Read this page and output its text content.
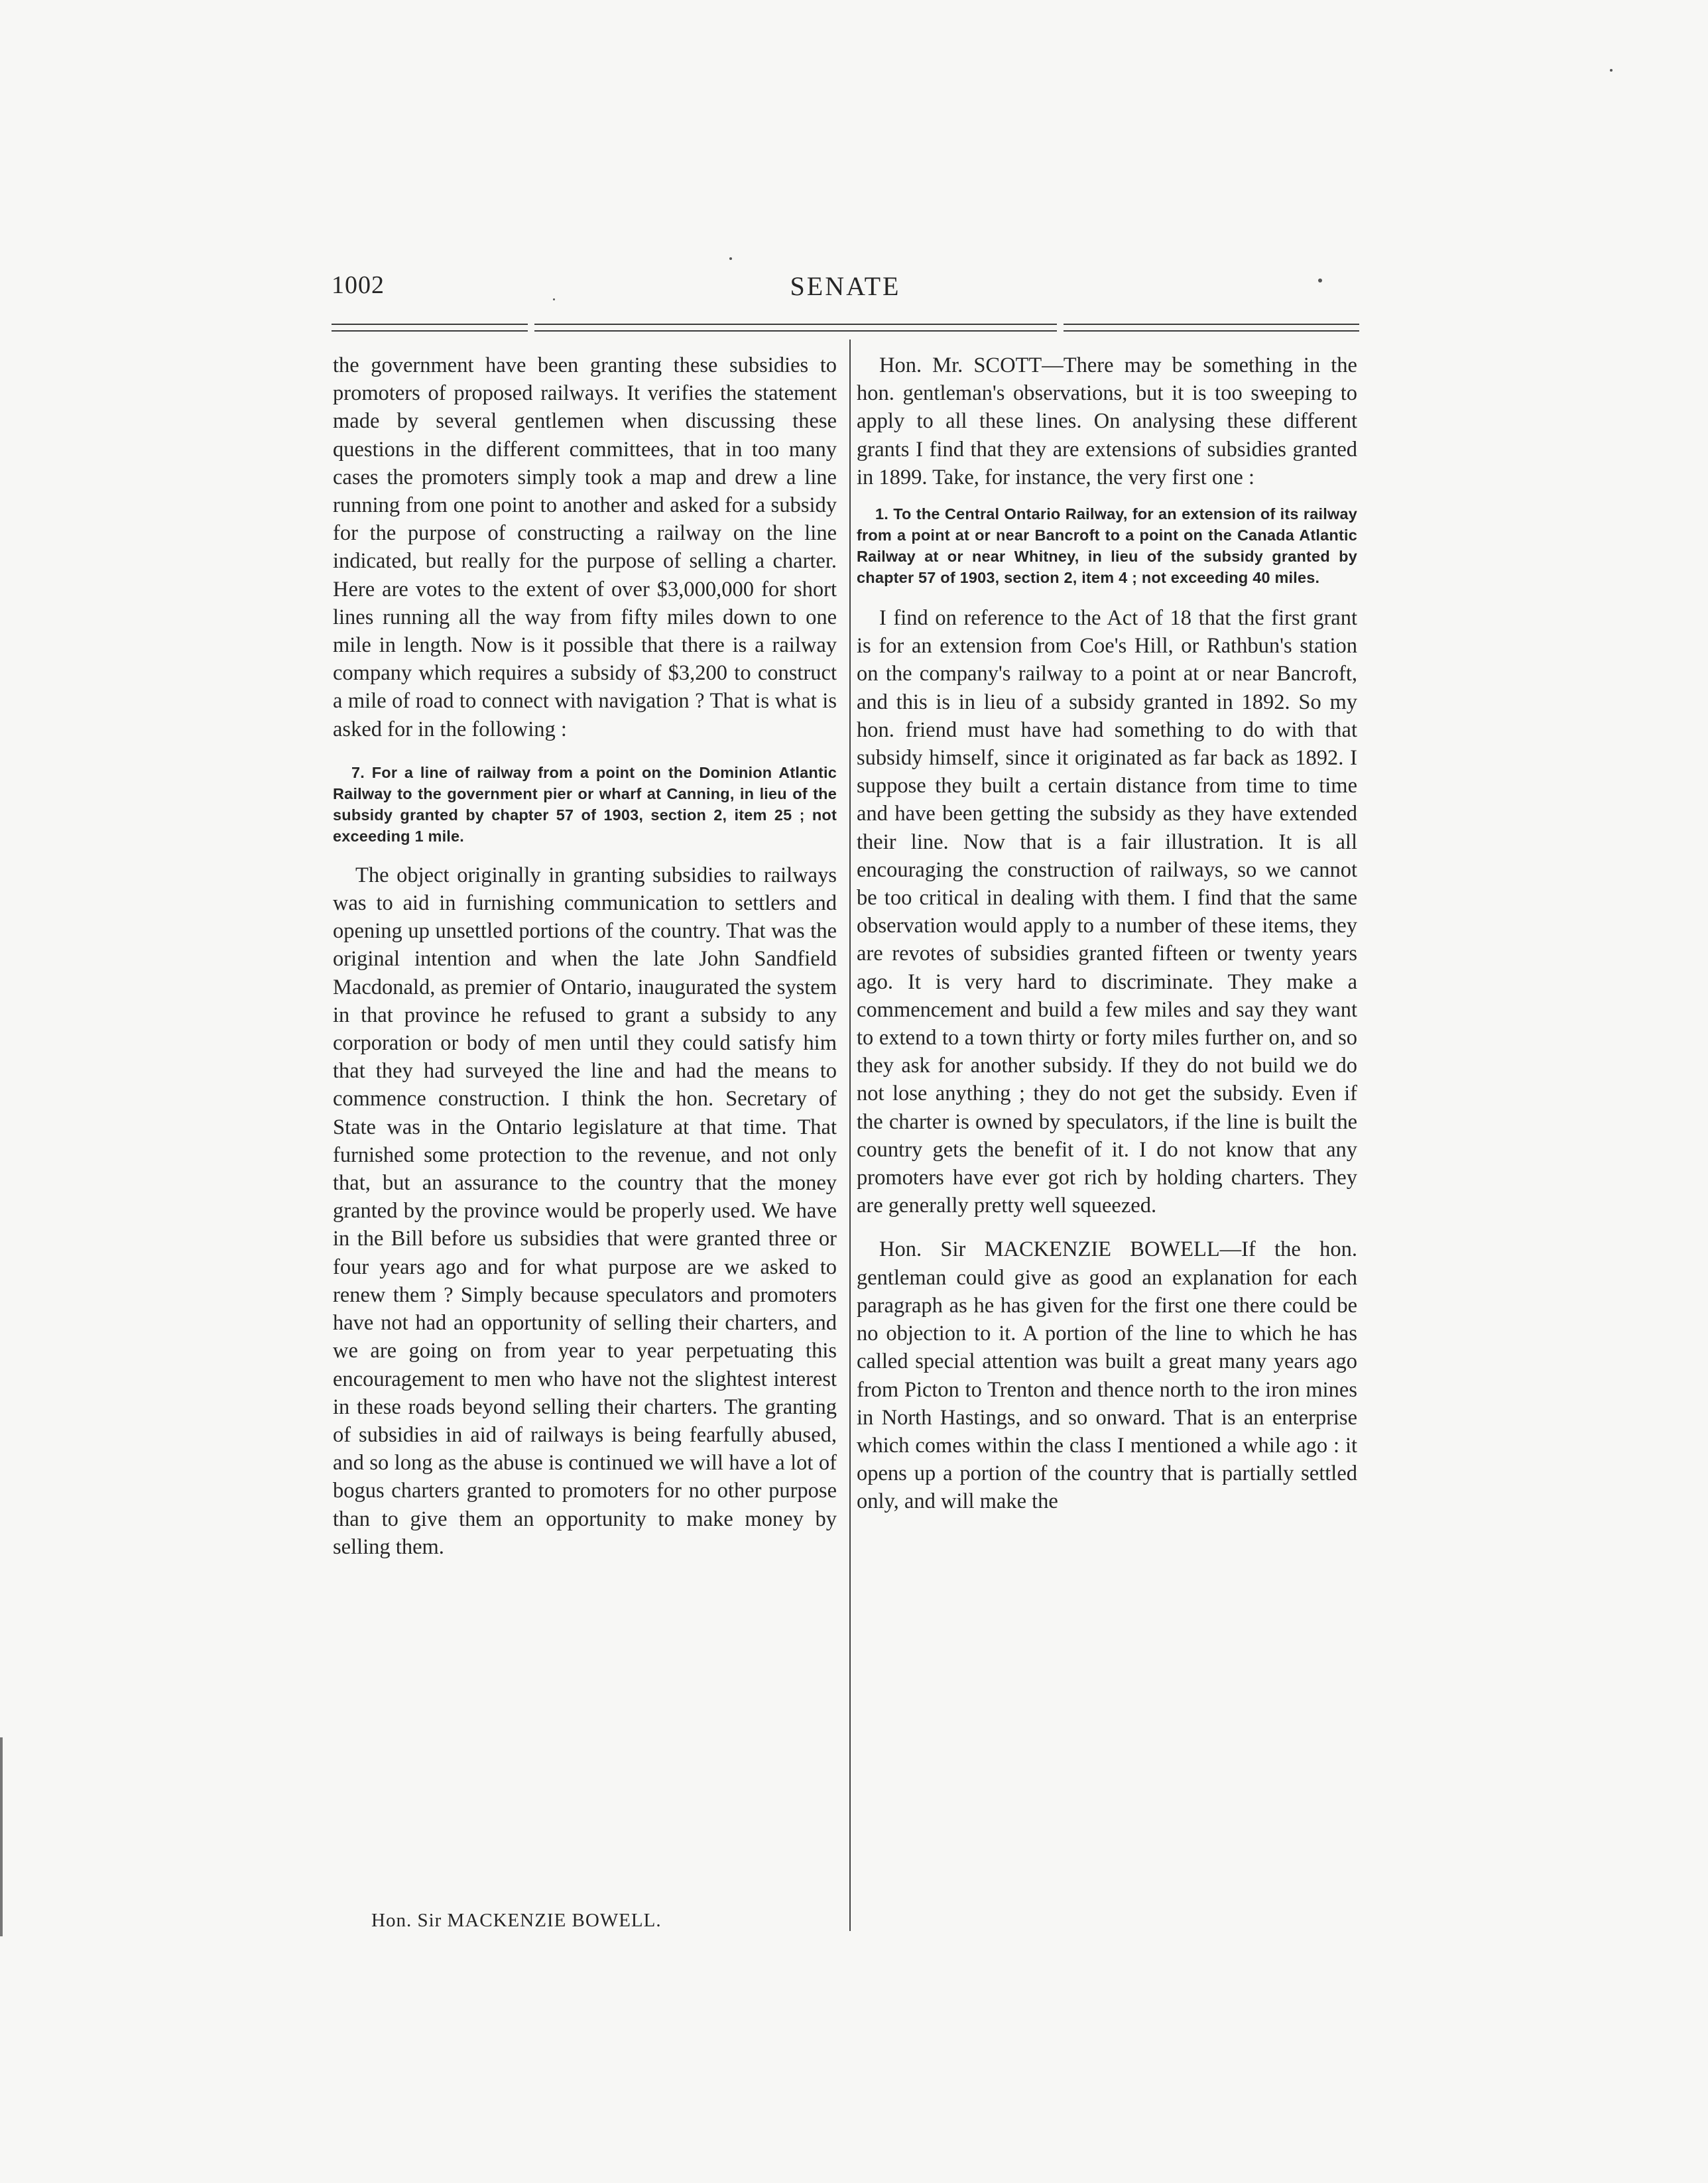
1002	SENATE

the government have been granting these subsidies to promoters of proposed railways. It verifies the statement made by several gentlemen when discussing these questions in the different committees, that in too many cases the promoters simply took a map and drew a line running from one point to another and asked for a subsidy for the purpose of constructing a railway on the line indicated, but really for the purpose of selling a charter. Here are votes to the extent of over $3,000,000 for short lines running all the way from fifty miles down to one mile in length. Now is it possible that there is a railway company which requires a subsidy of $3,200 to construct a mile of road to connect with navigation ? That is what is asked for in the following :

7. For a line of railway from a point on the Dominion Atlantic Railway to the government pier or wharf at Canning, in lieu of the subsidy granted by chapter 57 of 1903, section 2, item 25 ; not exceeding 1 mile.

The object originally in granting subsidies to railways was to aid in furnishing communication to settlers and opening up unsettled portions of the country. That was the original intention and when the late John Sandfield Macdonald, as premier of Ontario, inaugurated the system in that province he refused to grant a subsidy to any corporation or body of men until they could satisfy him that they had surveyed the line and had the means to commence construction. I think the hon. Secretary of State was in the Ontario legislature at that time. That furnished some protection to the revenue, and not only that, but an assurance to the country that the money granted by the province would be properly used. We have in the Bill before us subsidies that were granted three or four years ago and for what purpose are we asked to renew them ? Simply because speculators and promoters have not had an opportunity of selling their charters, and we are going on from year to year perpetuating this encouragement to men who have not the slightest interest in these roads beyond selling their charters. The granting of subsidies in aid of railways is being fearfully abused, and so long as the abuse is continued we will have a lot of bogus charters granted to promoters for no other purpose than to give them an opportunity to make money by selling them.

Hon. Mr. SCOTT—There may be something in the hon. gentleman's observations, but it is too sweeping to apply to all these lines. On analysing these different grants I find that they are extensions of subsidies granted in 1899. Take, for instance, the very first one :

1. To the Central Ontario Railway, for an extension of its railway from a point at or near Bancroft to a point on the Canada Atlantic Railway at or near Whitney, in lieu of the subsidy granted by chapter 57 of 1903, section 2, item 4 ; not exceeding 40 miles.

I find on reference to the Act of 18 that the first grant is for an extension from Coe's Hill, or Rathbun's station on the company's railway to a point at or near Bancroft, and this is in lieu of a subsidy granted in 1892. So my hon. friend must have had something to do with that subsidy himself, since it originated as far back as 1892. I suppose they built a certain distance from time to time and have been getting the subsidy as they have extended their line. Now that is a fair illustration. It is all encouraging the construction of railways, so we cannot be too critical in dealing with them. I find that the same observation would apply to a number of these items, they are revotes of subsidies granted fifteen or twenty years ago. It is very hard to discriminate. They make a commencement and build a few miles and say they want to extend to a town thirty or forty miles further on, and so they ask for another subsidy. If they do not build we do not lose anything ; they do not get the subsidy. Even if the charter is owned by speculators, if the line is built the country gets the benefit of it. I do not know that any promoters have ever got rich by holding charters. They are generally pretty well squeezed.

Hon. Sir MACKENZIE BOWELL—If the hon. gentleman could give as good an explanation for each paragraph as he has given for the first one there could be no objection to it. A portion of the line to which he has called special attention was built a great many years ago from Picton to Trenton and thence north to the iron mines in North Hastings, and so onward. That is an enterprise which comes within the class I mentioned a while ago : it opens up a portion of the country that is partially settled only, and will make the

Hon. Sir MACKENZIE BOWELL.
